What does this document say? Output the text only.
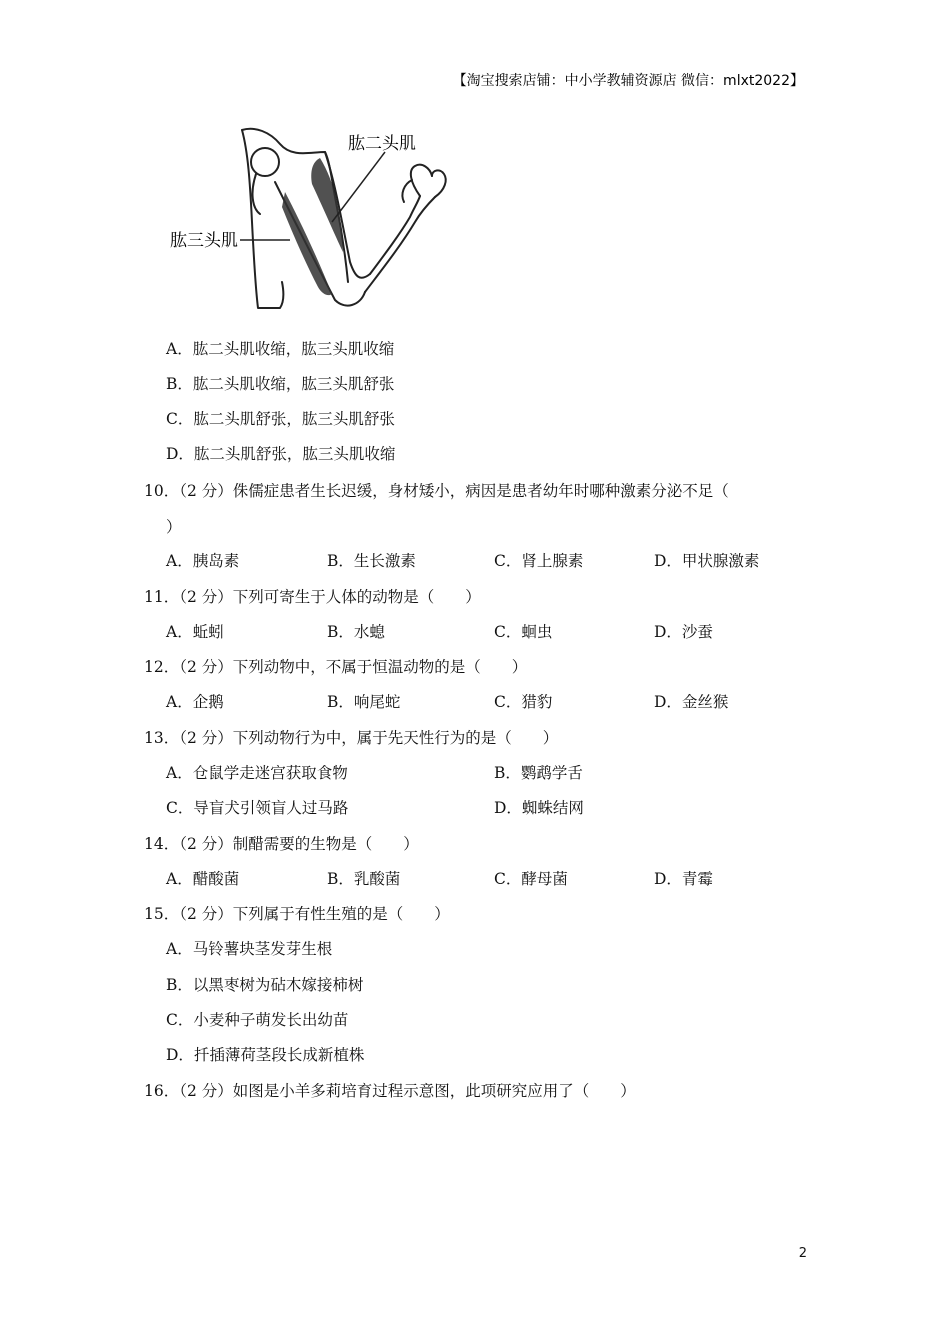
【淘宝搜索店铺：中小学教辅资源店 微信：mlxt2022】
肱二头肌
肱三头肌
A．肱二头肌收缩，肱三头肌收缩
B．肱二头肌收缩，肱三头肌舒张
C．肱二头肌舒张，肱三头肌舒张
D．肱二头肌舒张，肱三头肌收缩
10．（2 分）侏儒症患者生长迟缓，身材矮小，病因是患者幼年时哪种激素分泌不足（
）
A．胰岛素	B．生长激素	C．肾上腺素	D．甲状腺激素
11．（2 分）下列可寄生于人体的动物是（　　）
A．蚯蚓	B．水螅	C．蛔虫	D．沙蚕
12．（2 分）下列动物中，不属于恒温动物的是（　　）
A．企鹅	B．响尾蛇	C．猎豹	D．金丝猴
13．（2 分）下列动物行为中，属于先天性行为的是（　　）
A．仓鼠学走迷宫获取食物	B．鹦鹉学舌
C．导盲犬引领盲人过马路	D．蜘蛛结网
14．（2 分）制醋需要的生物是（　　）
A．醋酸菌	B．乳酸菌	C．酵母菌	D．青霉
15．（2 分）下列属于有性生殖的是（　　）
A．马铃薯块茎发芽生根
B．以黑枣树为砧木嫁接柿树
C．小麦种子萌发长出幼苗
D．扦插薄荷茎段长成新植株
16．（2 分）如图是小羊多莉培育过程示意图，此项研究应用了（　　）
2
